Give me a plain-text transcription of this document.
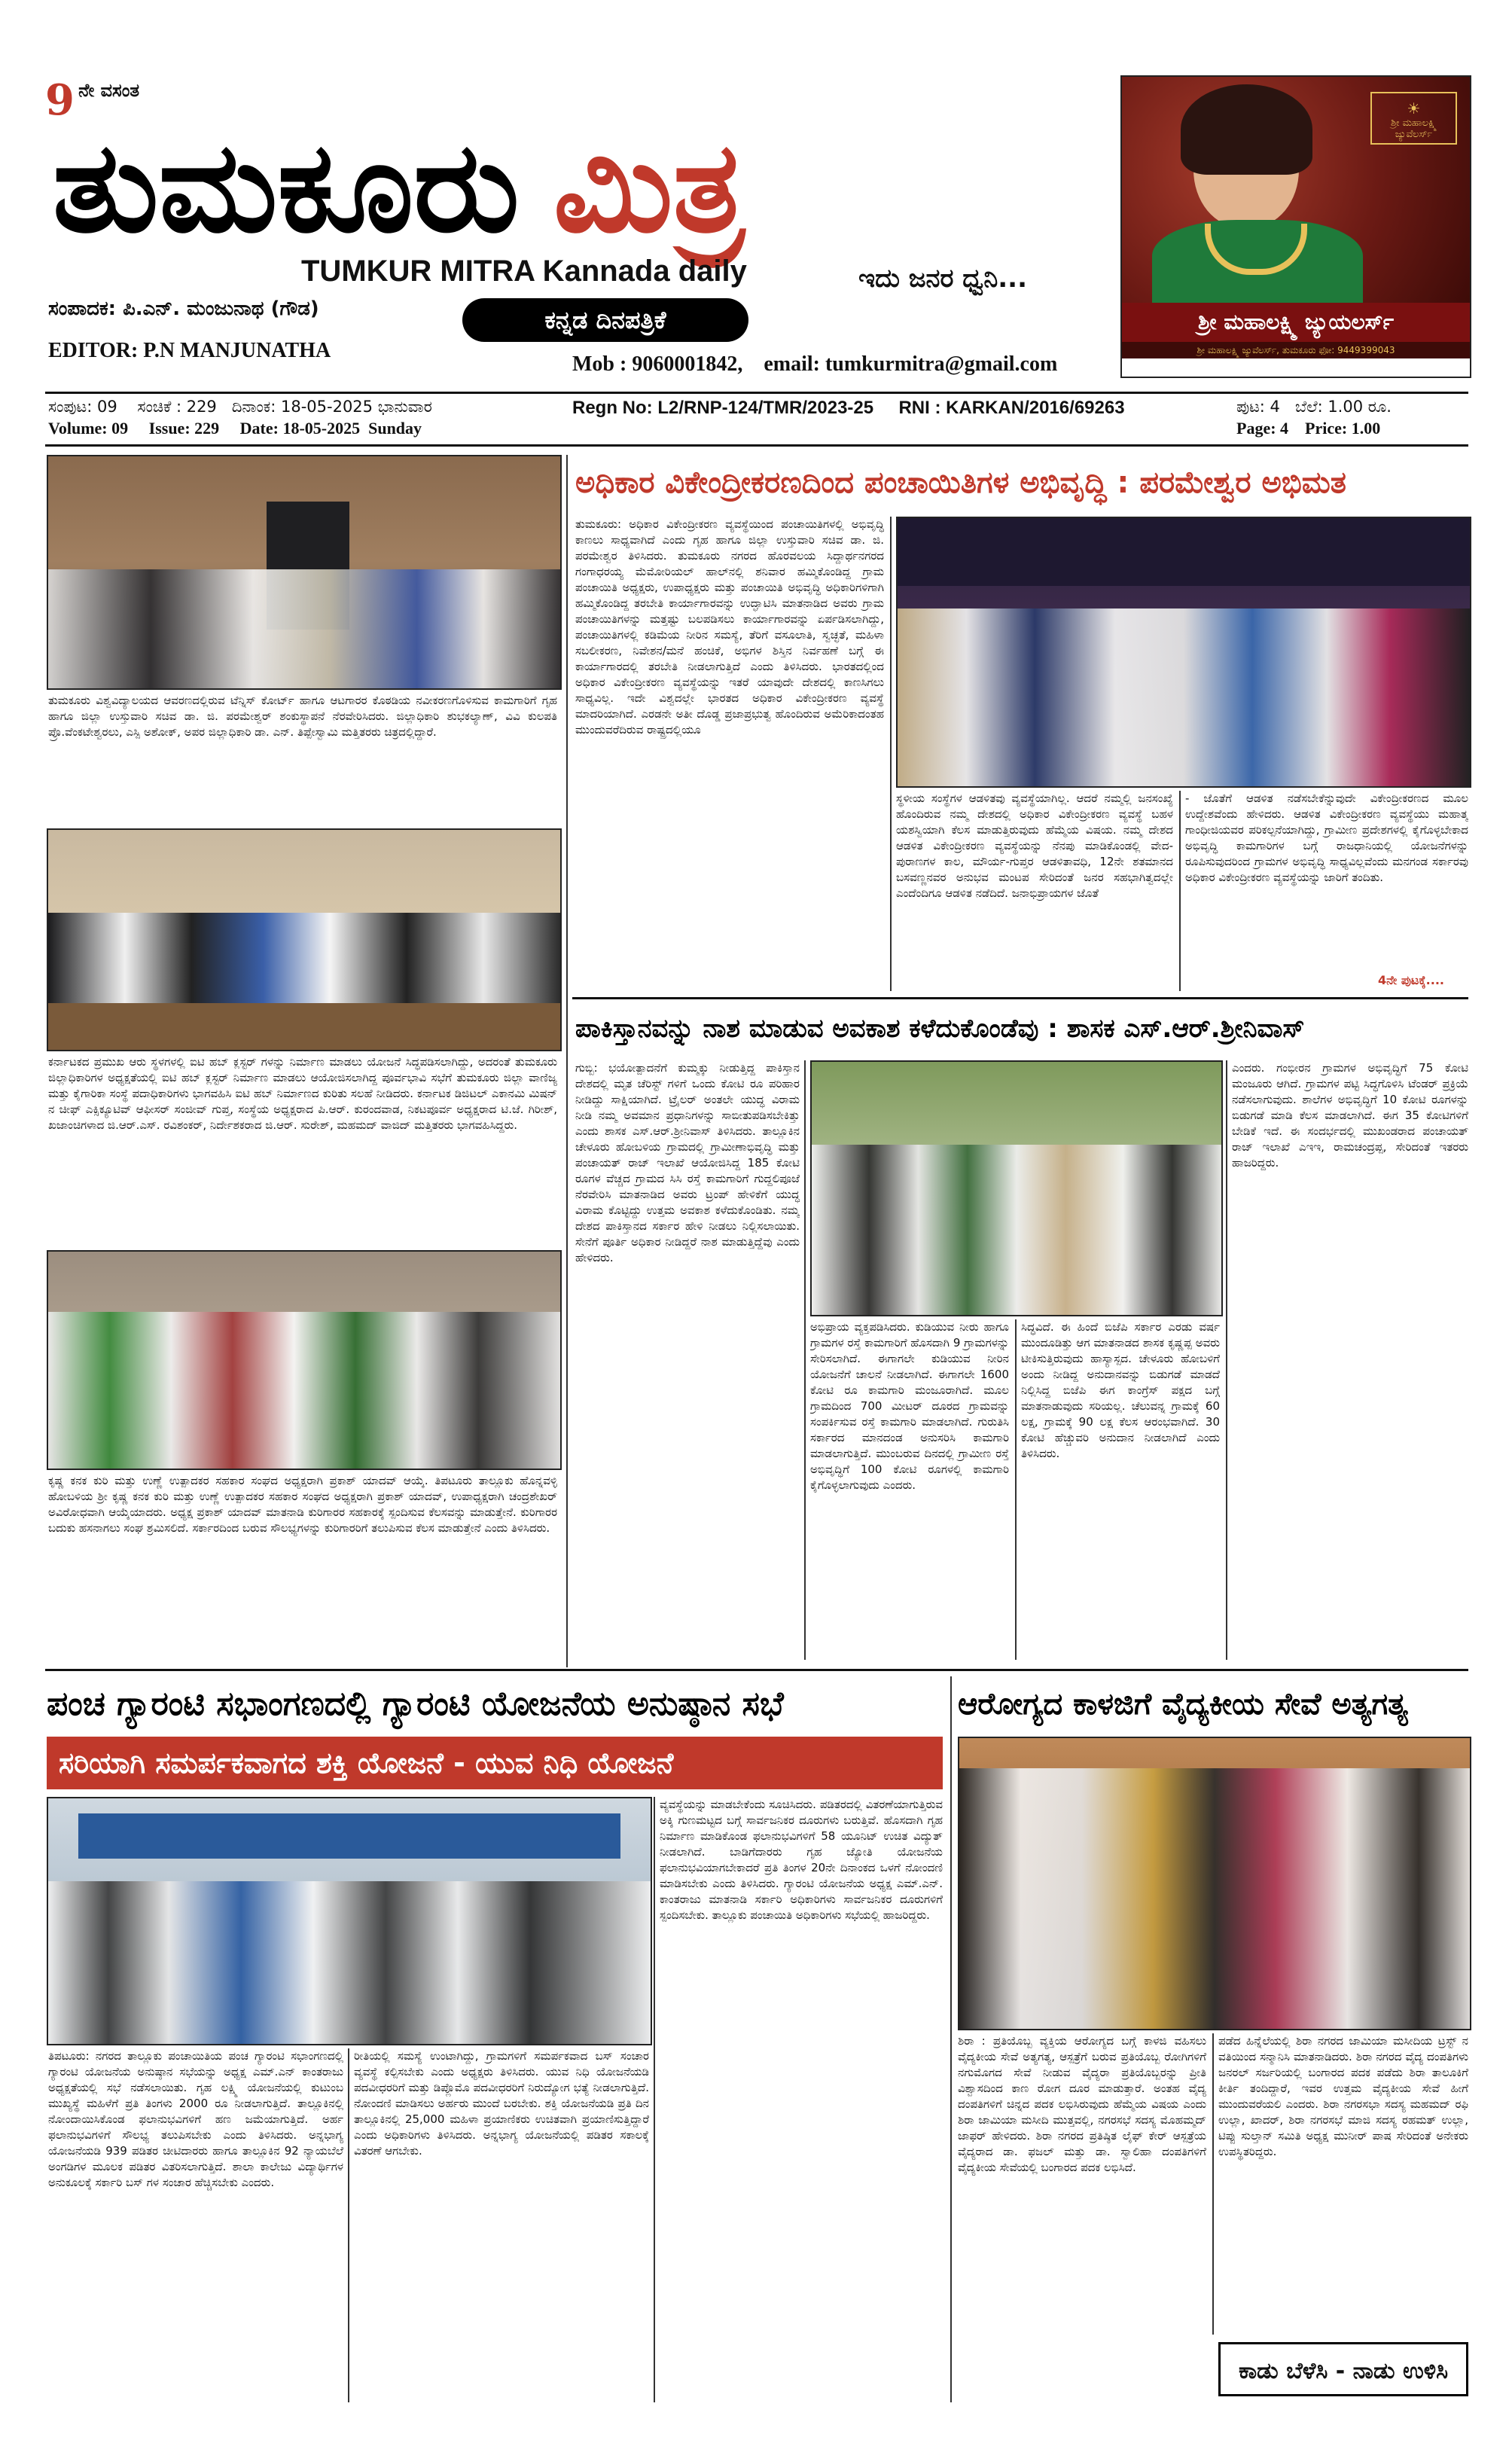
9 ನೇ ವಸಂತ
ತುಮಕೂರು ಮಿತ್ರ
TUMKUR MITRA Kannada daily	ಇದು ಜನರ ಧ್ವನಿ...
ಸಂಪಾದಕ: ಪಿ.ಎನ್. ಮಂಜುನಾಥ (ಗೌಡ)	ಕನ್ನಡ ದಿನಪತ್ರಿಕೆ
EDITOR: P.N MANJUNATHA
Mob : 9060001842,    email: tumkurmitra@gmail.com
☀
ಶ್ರೀ ಮಹಾಲಕ್ಷ್ಮಿ ಜ್ಯುವೆಲರ್ಸ್
ಶ್ರೀ ಮಹಾಲಕ್ಷ್ಮಿ ಜ್ಯುಯಲರ್ಸ್
ಶ್ರೀ ಮಹಾಲಕ್ಷ್ಮಿ ಜ್ಯುವೆಲರ್ಸ್, ತುಮಕೂರು ಫೋ: 9449399043
ಸಂಪುಟ: 09    ಸಂಚಿಕೆ : 229   ದಿನಾಂಕ: 18-05-2025 ಭಾನುವಾರ
Volume: 09     Issue: 229     Date: 18-05-2025  Sunday
Regn No: L2/RNP-124/TMR/2023-25     RNI : KARKAN/2016/69263	ಪುಟ: 4   ಬೆಲೆ: 1.00 ರೂ.
Page: 4    Price: 1.00
ತುಮಕೂರು ವಿಶ್ವವಿದ್ಯಾಲಯದ ಆವರಣದಲ್ಲಿರುವ ಟೆನ್ನಿಸ್ ಕೋರ್ಟ್ ಹಾಗೂ ಆಟಗಾರರ ಕೊಠಡಿಯ ನವೀಕರಣಗೊಳಿಸುವ ಕಾಮಗಾರಿಗೆ ಗೃಹ ಹಾಗೂ ಜಿಲ್ಲಾ ಉಸ್ತುವಾರಿ ಸಚಿವ ಡಾ. ಜಿ. ಪರಮೇಶ್ವರ್ ಶಂಕುಸ್ಥಾಪನೆ ನೆರವೇರಿಸಿದರು. ಜಿಲ್ಲಾಧಿಕಾರಿ ಶುಭಕಲ್ಯಾಣ್, ವಿವಿ ಕುಲಪತಿ ಪ್ರೊ.ವೆಂಕಟೇಶ್ವರಲು, ಎಸ್ಪಿ ಅಶೋಕ್, ಅಪರ ಜಿಲ್ಲಾಧಿಕಾರಿ ಡಾ. ಎನ್. ತಿಪ್ಪೇಸ್ವಾಮಿ ಮತ್ತಿತರರು ಚಿತ್ರದಲ್ಲಿದ್ದಾರೆ.
ಕರ್ನಾಟಕದ ಪ್ರಮುಖ ಆರು ಸ್ಥಳಗಳಲ್ಲಿ ಐಟಿ ಹಬ್ ಕ್ಲಸ್ಟರ್ ಗಳನ್ನು ನಿರ್ಮಾಣ ಮಾಡಲು ಯೋಜನೆ ಸಿದ್ಧಪಡಿಸಲಾಗಿದ್ದು, ಅದರಂತೆ ತುಮಕೂರು ಜಿಲ್ಲಾಧಿಕಾರಿಗಳ ಅಧ್ಯಕ್ಷತೆಯಲ್ಲಿ ಐಟಿ ಹಬ್ ಕ್ಲಸ್ಟರ್ ನಿರ್ಮಾಣ ಮಾಡಲು ಆಯೋಜಿಸಲಾಗಿದ್ದ ಪೂರ್ವಭಾವಿ ಸಭೆಗೆ ತುಮಕೂರು ಜಿಲ್ಲಾ ವಾಣಿಜ್ಯ ಮತ್ತು ಕೈಗಾರಿಕಾ ಸಂಸ್ಥೆ ಪದಾಧಿಕಾರಿಗಳು ಭಾಗವಹಿಸಿ ಐಟಿ ಹಬ್ ನಿರ್ಮಾಣದ ಕುರಿತು ಸಲಹೆ ನೀಡಿದರು. ಕರ್ನಾಟಕ ಡಿಜಿಟಲ್ ಎಕಾನಮಿ ಮಿಷನ್ ನ ಚೀಫ್ ಎಕ್ಸಿಕ್ಯೂಟಿವ್ ಆಫೀಸರ್ ಸಂಜೀವ್ ಗುಪ್ತ, ಸಂಸ್ಥೆಯ ಅಧ್ಯಕ್ಷರಾದ ಪಿ.ಆರ್. ಕುರಂದವಾಡ, ನಿಕಟಪೂರ್ವ ಅಧ್ಯಕ್ಷರಾದ ಟಿ.ಜೆ. ಗಿರೀಶ್, ಖಜಾಂಚಿಗಳಾದ ಜಿ.ಆರ್.ಎಸ್. ರವಿಶಂಕರ್, ನಿರ್ದೇಶಕರಾದ ಜಿ.ಆರ್. ಸುರೇಶ್, ಮಹಮದ್ ವಾಜಿದ್ ಮತ್ತಿತರರು ಭಾಗವಹಿಸಿದ್ದರು.
ಕೃಷ್ಣ ಕನಕ ಕುರಿ ಮತ್ತು ಉಣ್ಣೆ ಉತ್ಪಾದಕರ ಸಹಕಾರ ಸಂಘದ ಅಧ್ಯಕ್ಷರಾಗಿ ಪ್ರಕಾಶ್ ಯಾದವ್ ಆಯ್ಕೆ. ತಿಪಟೂರು ತಾಲ್ಲೂಕು ಹೊನ್ನವಳ್ಳಿ ಹೋಬಳಿಯ ಶ್ರೀ ಕೃಷ್ಣ ಕನಕ ಕುರಿ ಮತ್ತು ಉಣ್ಣೆ ಉತ್ಪಾದಕರ ಸಹಕಾರ ಸಂಘದ ಅಧ್ಯಕ್ಷರಾಗಿ ಪ್ರಕಾಶ್ ಯಾದವ್, ಉಪಾಧ್ಯಕ್ಷರಾಗಿ ಚಂದ್ರಶೇಖರ್ ಅವಿರೋಧವಾಗಿ ಆಯ್ಕೆಯಾದರು. ಅಧ್ಯಕ್ಷ ಪ್ರಕಾಶ್ ಯಾದವ್ ಮಾತನಾಡಿ ಕುರಿಗಾರರ ಸಹಕಾರಕ್ಕೆ ಸ್ಪಂದಿಸುವ ಕೆಲಸವನ್ನು ಮಾಡುತ್ತೇನೆ. ಕುರಿಗಾರರ ಬದುಕು ಹಸನಾಗಲು ಸಂಘ ಶ್ರಮಿಸಲಿದೆ. ಸರ್ಕಾರದಿಂದ ಬರುವ ಸೌಲಭ್ಯಗಳನ್ನು ಕುರಿಗಾರರಿಗೆ ತಲುಪಿಸುವ ಕೆಲಸ ಮಾಡುತ್ತೇನೆ ಎಂದು ತಿಳಿಸಿದರು.
ಅಧಿಕಾರ ವಿಕೇಂದ್ರೀಕರಣದಿಂದ ಪಂಚಾಯಿತಿಗಳ ಅಭಿವೃದ್ಧಿ : ಪರಮೇಶ್ವರ ಅಭಿಮತ
ತುಮಕೂರು: ಅಧಿಕಾರ ವಿಕೇಂದ್ರೀಕರಣ ವ್ಯವಸ್ಥೆಯಿಂದ ಪಂಚಾಯಿತಿಗಳಲ್ಲಿ ಅಭಿವೃದ್ಧಿ ಕಾಣಲು ಸಾಧ್ಯವಾಗಿದೆ ಎಂದು ಗೃಹ ಹಾಗೂ ಜಿಲ್ಲಾ ಉಸ್ತುವಾರಿ ಸಚಿವ ಡಾ. ಜಿ. ಪರಮೇಶ್ವರ ತಿಳಿಸಿದರು. ತುಮಕೂರು ನಗರದ ಹೊರವಲಯ ಸಿದ್ದಾರ್ಥನಗರದ ಗಂಗಾಧರಯ್ಯ ಮೆಮೋರಿಯಲ್ ಹಾಲ್‌ನಲ್ಲಿ ಶನಿವಾರ ಹಮ್ಮಿಕೊಂಡಿದ್ದ ಗ್ರಾಮ ಪಂಚಾಯಿತಿ ಅಧ್ಯಕ್ಷರು, ಉಪಾಧ್ಯಕ್ಷರು ಮತ್ತು ಪಂಚಾಯಿತಿ ಅಭಿವೃದ್ಧಿ ಅಧಿಕಾರಿಗಳಿಗಾಗಿ ಹಮ್ಮಿಕೊಂಡಿದ್ದ ತರಬೇತಿ ಕಾರ್ಯಾಗಾರವನ್ನು ಉದ್ಘಾಟಿಸಿ ಮಾತನಾಡಿದ ಅವರು ಗ್ರಾಮ ಪಂಚಾಯಿತಿಗಳನ್ನು ಮತ್ತಷ್ಟು ಬಲಪಡಿಸಲು ಕಾರ್ಯಾಗಾರವನ್ನು ಏರ್ಪಡಿಸಲಾಗಿದ್ದು, ಪಂಚಾಯಿತಿಗಳಲ್ಲಿ ಕಡಿಮೆಯ ನೀರಿನ ಸಮಸ್ಯೆ, ತೆರಿಗೆ ವಸೂಲಾತಿ, ಸ್ವಚ್ಛತೆ, ಮಹಿಳಾ ಸಬಲೀಕರಣ, ನಿವೇಶನ/ಮನೆ ಹಂಚಿಕೆ, ಅಭಿಗಳ ಶಿಸ್ತಿನ ನಿರ್ವಹಣೆ ಬಗ್ಗೆ ಈ ಕಾರ್ಯಾಗಾರದಲ್ಲಿ ತರಬೇತಿ ನೀಡಲಾಗುತ್ತಿದೆ ಎಂದು ತಿಳಿಸಿದರು. ಭಾರತದಲ್ಲಿಂದ ಅಧಿಕಾರ ವಿಕೇಂದ್ರೀಕರಣ ವ್ಯವಸ್ಥೆಯನ್ನು ಇತರೆ ಯಾವುದೇ ದೇಶದಲ್ಲಿ ಕಾಣಸಿಗಲು ಸಾಧ್ಯವಿಲ್ಲ. ಇದೇ ವಿಶ್ವದಲ್ಲೇ ಭಾರತದ ಅಧಿಕಾರ ವಿಕೇಂದ್ರೀಕರಣ ವ್ಯವಸ್ಥೆ ಮಾದರಿಯಾಗಿದೆ. ಎರಡನೇ ಅತೀ ದೊಡ್ಡ ಪ್ರಜಾಪ್ರಭುತ್ವ ಹೊಂದಿರುವ ಅಮೆರಿಕಾದಂತಹ ಮುಂದುವರೆದಿರುವ ರಾಷ್ಟ್ರದಲ್ಲಿಯೂ
ಸ್ಥಳೀಯ ಸಂಸ್ಥೆಗಳ ಆಡಳಿತವು ವ್ಯವಸ್ಥೆಯಾಗಿಲ್ಲ. ಆದರೆ ನಮ್ಮಲ್ಲಿ ಜನಸಂಖ್ಯೆ ಹೊಂದಿರುವ ನಮ್ಮ ದೇಶದಲ್ಲಿ ಅಧಿಕಾರ ವಿಕೇಂದ್ರೀಕರಣ ವ್ಯವಸ್ಥೆ ಬಹಳ ಯಶಸ್ವಿಯಾಗಿ ಕೆಲಸ ಮಾಡುತ್ತಿರುವುದು ಹೆಮ್ಮೆಯ ವಿಷಯ. ನಮ್ಮ ದೇಶದ ಆಡಳಿತ ವಿಕೇಂದ್ರೀಕರಣ ವ್ಯವಸ್ಥೆಯನ್ನು ನೆನಪು ಮಾಡಿಕೊಂಡಲ್ಲಿ ವೇದ-ಪುರಾಣಗಳ ಕಾಲ, ಮೌರ್ಯ-ಗುಪ್ತರ ಆಡಳಿತಾವಧಿ, 12ನೇ ಶತಮಾನದ ಬಸವಣ್ಣನವರ ಅನುಭವ ಮಂಟಪ ಸೇರಿದಂತೆ ಜನರ ಸಹಭಾಗಿತ್ವದಲ್ಲೇ ಎಂದೆಂದಿಗೂ ಆಡಳಿತ ನಡೆದಿದೆ. ಜನಾಭಿಪ್ರಾಯಗಳ ಜೊತೆ
- ಜೊತೆಗೆ ಆಡಳಿತ ನಡೆಸಬೇಕೆನ್ನುವುದೇ ವಿಕೇಂದ್ರೀಕರಣದ ಮೂಲ ಉದ್ದೇಶವೆಂದು ಹೇಳಿದರು. ಆಡಳಿತ ವಿಕೇಂದ್ರೀಕರಣ ವ್ಯವಸ್ಥೆಯು ಮಹಾತ್ಮ ಗಾಂಧೀಜಿಯವರ ಪರಿಕಲ್ಪನೆಯಾಗಿದ್ದು, ಗ್ರಾಮೀಣ ಪ್ರದೇಶಗಳಲ್ಲಿ ಕೈಗೊಳ್ಳಬೇಕಾದ ಅಭಿವೃದ್ಧಿ ಕಾಮಗಾರಿಗಳ ಬಗ್ಗೆ ರಾಜಧಾನಿಯಲ್ಲಿ ಯೋಜನೆಗಳನ್ನು ರೂಪಿಸುವುದರಿಂದ ಗ್ರಾಮಗಳ ಅಭಿವೃದ್ಧಿ ಸಾಧ್ಯವಿಲ್ಲವೆಂದು ಮನಗಂಡ ಸರ್ಕಾರವು ಅಧಿಕಾರ ವಿಕೇಂದ್ರೀಕರಣ ವ್ಯವಸ್ಥೆಯನ್ನು ಜಾರಿಗೆ ತಂದಿತು.
4ನೇ ಪುಟಕ್ಕೆ....
ಪಾಕಿಸ್ತಾನವನ್ನು ನಾಶ ಮಾಡುವ ಅವಕಾಶ ಕಳೆದುಕೊಂಡೆವು : ಶಾಸಕ ಎಸ್.ಆರ್.ಶ್ರೀನಿವಾಸ್
ಗುಬ್ಬಿ: ಭಯೋತ್ಪಾದನೆಗೆ ಕುಮ್ಮಕ್ಕು ನೀಡುತ್ತಿದ್ದ ಪಾಕಿಸ್ತಾನ ದೇಶದಲ್ಲಿ ಮೃತ ಚೆರಿಸ್ಟ್ ಗಳಿಗೆ ಒಂದು ಕೋಟಿ ರೂ ಪರಿಹಾರ ನೀಡಿದ್ದು ಸಾಕ್ಷಿಯಾಗಿದೆ. ಟ್ರೈಲರ್ ಅಂತಲೇ ಯುದ್ಧ ವಿರಾಮ ನೀಡಿ ನಮ್ಮ ಅವಮಾನ ಪ್ರಧಾನಿಗಳನ್ನು ಸಾಬೀತುಪಡಿಸಬೇಕಿತ್ತು ಎಂದು ಶಾಸಕ ಎಸ್.ಆರ್.ಶ್ರೀನಿವಾಸ್ ತಿಳಿಸಿದರು. ತಾಲ್ಲೂಕಿನ ಚೇಳೂರು ಹೋಬಳಿಯ ಗ್ರಾಮದಲ್ಲಿ ಗ್ರಾಮೀಣಾಭಿವೃದ್ಧಿ ಮತ್ತು ಪಂಚಾಯತ್ ರಾಜ್ ಇಲಾಖೆ ಆಯೋಜಿಸಿದ್ದ 185 ಕೋಟಿ ರೂಗಳ ವೆಚ್ಚದ ಗ್ರಾಮದ ಸಿಸಿ ರಸ್ತೆ ಕಾಮಗಾರಿಗೆ ಗುದ್ದಲಿಪೂಜೆ ನೆರವೇರಿಸಿ ಮಾತನಾಡಿದ ಅವರು ಟ್ರಂಪ್ ಹೇಳಿಕೆಗೆ ಯುದ್ಧ ವಿರಾಮ ಕೊಟ್ಟಿದ್ದು ಉತ್ತಮ ಅವಕಾಶ ಕಳೆದುಕೊಂಡಿತು. ನಮ್ಮ ದೇಶದ ಪಾಕಿಸ್ತಾನದ ಸರ್ಕಾರ ಹೇಳಿ ನೀಡಲು ನಿಲ್ಲಿಸಲಾಯಿತು. ಸೇನೆಗೆ ಪೂರ್ತಿ ಅಧಿಕಾರ ನೀಡಿದ್ದರೆ ನಾಶ ಮಾಡುತ್ತಿದ್ದೆವು ಎಂದು ಹೇಳಿದರು.
ಅಭಿಪ್ರಾಯ ವ್ಯಕ್ತಪಡಿಸಿದರು. ಕುಡಿಯುವ ನೀರು ಹಾಗೂ ಗ್ರಾಮಗಳ ರಸ್ತೆ ಕಾಮಗಾರಿಗೆ ಹೊಸದಾಗಿ 9 ಗ್ರಾಮಗಳನ್ನು ಸೇರಿಸಲಾಗಿದೆ. ಈಗಾಗಲೇ ಕುಡಿಯುವ ನೀರಿನ ಯೋಜನೆಗೆ ಚಾಲನೆ ನೀಡಲಾಗಿದೆ. ಈಗಾಗಲೇ 1600 ಕೋಟಿ ರೂ ಕಾಮಗಾರಿ ಮಂಜೂರಾಗಿದೆ. ಮೂಲ ಗ್ರಾಮದಿಂದ 700 ಮೀಟರ್ ದೂರದ ಗ್ರಾಮವನ್ನು ಸಂಪರ್ಕಿಸುವ ರಸ್ತೆ ಕಾಮಗಾರಿ ಮಾಡಲಾಗಿದೆ. ಗುರುತಿಸಿ ಸರ್ಕಾರದ ಮಾನದಂಡ ಅನುಸರಿಸಿ ಕಾಮಗಾರಿ ಮಾಡಲಾಗುತ್ತಿದೆ. ಮುಂಬರುವ ದಿನದಲ್ಲಿ ಗ್ರಾಮೀಣ ರಸ್ತೆ ಅಭಿವೃದ್ಧಿಗೆ 100 ಕೋಟಿ ರೂಗಳಲ್ಲಿ ಕಾಮಗಾರಿ ಕೈಗೊಳ್ಳಲಾಗುವುದು ಎಂದರು.
ಸಿದ್ಧವಿದೆ. ಈ ಹಿಂದೆ ಬಿಜೆಪಿ ಸರ್ಕಾರ ಎರಡು ವರ್ಷ ಮುಂದೂಡಿತ್ತು ಆಗ ಮಾತನಾಡದ ಶಾಸಕ ಕೃಷ್ಣಪ್ಪ ಅವರು ಟೀಕಿಸುತ್ತಿರುವುದು ಹಾಸ್ಯಾಸ್ಪದ. ಚೇಳೂರು ಹೋಬಳಿಗೆ ಅಂದು ನೀಡಿದ್ದ ಅನುದಾನವನ್ನು ಬಿಡುಗಡೆ ಮಾಡದೆ ನಿಲ್ಲಿಸಿದ್ದ ಬಿಜೆಪಿ ಈಗ ಕಾಂಗ್ರೆಸ್ ಪಕ್ಷದ ಬಗ್ಗೆ ಮಾತನಾಡುವುದು ಸರಿಯಲ್ಲ. ಚೆಲುವನ್ನ ಗ್ರಾಮಕ್ಕೆ 60 ಲಕ್ಷ, ಗ್ರಾಮಕ್ಕೆ 90 ಲಕ್ಷ ಕೆಲಸ ಆರಂಭವಾಗಿದೆ. 30 ಕೋಟಿ ಹೆಚ್ಚುವರಿ ಅನುದಾನ ನೀಡಲಾಗಿದೆ ಎಂದು ತಿಳಿಸಿದರು.
ಎಂದರು. ಗಂಭೀರನ ಗ್ರಾಮಗಳ ಅಭಿವೃದ್ಧಿಗೆ 75 ಕೋಟಿ ಮಂಜೂರು ಆಗಿದೆ. ಗ್ರಾಮಗಳ ಪಟ್ಟಿ ಸಿದ್ಧಗೊಳಿಸಿ ಟೆಂಡರ್ ಪ್ರಕ್ರಿಯೆ ನಡೆಸಲಾಗುವುದು. ಶಾಲೆಗಳ ಅಭಿವೃದ್ಧಿಗೆ 10 ಕೋಟಿ ರೂಗಳನ್ನು ಬಿಡುಗಡೆ ಮಾಡಿ ಕೆಲಸ ಮಾಡಲಾಗಿದೆ. ಈಗ 35 ಕೋಟಿಗಳಿಗೆ ಬೇಡಿಕೆ ಇದೆ. ಈ ಸಂದರ್ಭದಲ್ಲಿ ಮುಖಂಡರಾದ ಪಂಚಾಯತ್ ರಾಜ್ ಇಲಾಖೆ ಎಇಇ, ರಾಮಚಂದ್ರಪ್ಪ, ಸೇರಿದಂತೆ ಇತರರು ಹಾಜರಿದ್ದರು.
ಪಂಚ ಗ್ಯಾರಂಟಿ ಸಭಾಂಗಣದಲ್ಲಿ ಗ್ಯಾರಂಟಿ ಯೋಜನೆಯ ಅನುಷ್ಠಾನ ಸಭೆ
ಸರಿಯಾಗಿ ಸಮರ್ಪಕವಾಗದ ಶಕ್ತಿ ಯೋಜನೆ - ಯುವ ನಿಧಿ ಯೋಜನೆ
ತಿಪಟೂರು: ನಗರದ ತಾಲ್ಲೂಕು ಪಂಚಾಯಿತಿಯ ಪಂಚ ಗ್ಯಾರಂಟಿ ಸಭಾಂಗಣದಲ್ಲಿ ಗ್ಯಾರಂಟಿ ಯೋಜನೆಯ ಅನುಷ್ಠಾನ ಸಭೆಯನ್ನು ಅಧ್ಯಕ್ಷ ಎಮ್.ಎನ್ ಕಾಂತರಾಜು ಅಧ್ಯಕ್ಷತೆಯಲ್ಲಿ ಸಭೆ ನಡೆಸಲಾಯಿತು. ಗೃಹ ಲಕ್ಷ್ಮಿ ಯೋಜನೆಯಲ್ಲಿ ಕುಟುಂಬ ಮುಖ್ಯಸ್ಥೆ ಮಹಿಳೆಗೆ ಪ್ರತಿ ತಿಂಗಳು 2000 ರೂ ನೀಡಲಾಗುತ್ತಿದೆ. ತಾಲ್ಲೂಕಿನಲ್ಲಿ ನೋಂದಾಯಿಸಿಕೊಂಡ ಫಲಾನುಭವಿಗಳಿಗೆ ಹಣ ಜಮೆಯಾಗುತ್ತಿದೆ. ಅರ್ಹ ಫಲಾನುಭವಿಗಳಿಗೆ ಸೌಲಭ್ಯ ತಲುಪಿಸಬೇಕು ಎಂದು ತಿಳಿಸಿದರು. ಅನ್ನಭಾಗ್ಯ ಯೋಜನೆಯಡಿ 939 ಪಡಿತರ ಚೀಟಿದಾರರು ಹಾಗೂ ತಾಲ್ಲೂಕಿನ 92 ನ್ಯಾಯಬೆಲೆ ಅಂಗಡಿಗಳ ಮೂಲಕ ಪಡಿತರ ವಿತರಿಸಲಾಗುತ್ತಿದೆ. ಶಾಲಾ ಕಾಲೇಜು ವಿದ್ಯಾರ್ಥಿಗಳ ಅನುಕೂಲಕ್ಕೆ ಸರ್ಕಾರಿ ಬಸ್ ಗಳ ಸಂಚಾರ ಹೆಚ್ಚಿಸಬೇಕು ಎಂದರು.
ರೀತಿಯಲ್ಲಿ ಸಮಸ್ಯೆ ಉಂಟಾಗಿದ್ದು, ಗ್ರಾಮಗಳಿಗೆ ಸಮರ್ಪಕವಾದ ಬಸ್ ಸಂಚಾರ ವ್ಯವಸ್ಥೆ ಕಲ್ಪಿಸಬೇಕು ಎಂದು ಅಧ್ಯಕ್ಷರು ತಿಳಿಸಿದರು. ಯುವ ನಿಧಿ ಯೋಜನೆಯಡಿ ಪದವೀಧರರಿಗೆ ಮತ್ತು ಡಿಪ್ಲೊಮೊ ಪದವೀಧರರಿಗೆ ನಿರುದ್ಯೋಗ ಭತ್ಯೆ ನೀಡಲಾಗುತ್ತಿದೆ. ನೋಂದಣಿ ಮಾಡಿಸಲು ಅರ್ಹರು ಮುಂದೆ ಬರಬೇಕು. ಶಕ್ತಿ ಯೋಜನೆಯಡಿ ಪ್ರತಿ ದಿನ ತಾಲ್ಲೂಕಿನಲ್ಲಿ 25,000 ಮಹಿಳಾ ಪ್ರಯಾಣಿಕರು ಉಚಿತವಾಗಿ ಪ್ರಯಾಣಿಸುತ್ತಿದ್ದಾರೆ ಎಂದು ಅಧಿಕಾರಿಗಳು ತಿಳಿಸಿದರು. ಅನ್ನಭಾಗ್ಯ ಯೋಜನೆಯಲ್ಲಿ ಪಡಿತರ ಸಕಾಲಕ್ಕೆ ವಿತರಣೆ ಆಗಬೇಕು.
ವ್ಯವಸ್ಥೆಯನ್ನು ಮಾಡಬೇಕೆಂದು ಸೂಚಿಸಿದರು. ಪಡಿತರದಲ್ಲಿ ವಿತರಣೆಯಾಗುತ್ತಿರುವ ಅಕ್ಕಿ ಗುಣಮಟ್ಟದ ಬಗ್ಗೆ ಸಾರ್ವಜನಿಕರ ದೂರುಗಳು ಬರುತ್ತಿವೆ. ಹೊಸದಾಗಿ ಗೃಹ ನಿರ್ಮಾಣ ಮಾಡಿಕೊಂಡ ಫಲಾನುಭವಿಗಳಿಗೆ 58 ಯೂನಿಟ್ ಉಚಿತ ವಿದ್ಯುತ್ ನೀಡಲಾಗಿದೆ. ಬಾಡಿಗೆದಾರರು ಗೃಹ ಜ್ಯೋತಿ ಯೋಜನೆಯ ಫಲಾನುಭವಿಯಾಗಬೇಕಾದರೆ ಪ್ರತಿ ತಿಂಗಳ 20ನೇ ದಿನಾಂಕದ ಒಳಗೆ ನೋಂದಣಿ ಮಾಡಿಸಬೇಕು ಎಂದು ತಿಳಿಸಿದರು. ಗ್ಯಾರಂಟಿ ಯೋಜನೆಯ ಅಧ್ಯಕ್ಷ ಎಮ್.ಎನ್. ಕಾಂತರಾಜು ಮಾತನಾಡಿ ಸರ್ಕಾರಿ ಅಧಿಕಾರಿಗಳು ಸಾರ್ವಜನಿಕರ ದೂರುಗಳಿಗೆ ಸ್ಪಂದಿಸಬೇಕು. ತಾಲ್ಲೂಕು ಪಂಚಾಯಿತಿ ಅಧಿಕಾರಿಗಳು ಸಭೆಯಲ್ಲಿ ಹಾಜರಿದ್ದರು.
ಆರೋಗ್ಯದ ಕಾಳಜಿಗೆ ವೈದ್ಯಕೀಯ ಸೇವೆ ಅತ್ಯಗತ್ಯ
ಶಿರಾ : ಪ್ರತಿಯೊಬ್ಬ ವ್ಯಕ್ತಿಯ ಆರೋಗ್ಯದ ಬಗ್ಗೆ ಕಾಳಜಿ ವಹಿಸಲು ವೈದ್ಯಕೀಯ ಸೇವೆ ಅತ್ಯಗತ್ಯ, ಆಸ್ಪತ್ರೆಗೆ ಬರುವ ಪ್ರತಿಯೊಬ್ಬ ರೋಗಿಗಳಿಗೆ ನಗುಮೊಗದ ಸೇವೆ ನೀಡುವ ವೈದ್ಯರಾ ಪ್ರತಿಯೊಬ್ಬರನ್ನು ಪ್ರೀತಿ ವಿಶ್ವಾಸದಿಂದ ಕಾಣ ರೋಗ ದೂರ ಮಾಡುತ್ತಾರೆ. ಅಂತಹ ವೈದ್ಯ ದಂಪತಿಗಳಿಗೆ ಚಿನ್ನದ ಪದಕ ಲಭಿಸಿರುವುದು ಹೆಮ್ಮೆಯ ವಿಷಯ ಎಂದು ಶಿರಾ ಜಾಮಿಯಾ ಮಸೀದಿ ಮುತ್ತವಲ್ಲಿ, ನಗರಸಭೆ ಸದಸ್ಯ ಮೊಹಮ್ಮದ್ ಜಾಫರ್ ಹೇಳಿದರು. ಶಿರಾ ನಗರದ ಪ್ರತಿಷ್ಠಿತ ಲೈಫ್ ಕೇರ್ ಆಸ್ಪತ್ರೆಯ ವೈದ್ಯರಾದ ಡಾ. ಫಜಲ್ ಮತ್ತು ಡಾ. ಸ್ವಾಲಿಹಾ ದಂಪತಿಗಳಿಗೆ ವೈದ್ಯಕೀಯ ಸೇವೆಯಲ್ಲಿ ಬಂಗಾರದ ಪದಕ ಲಭಿಸಿದೆ.
ಪಡೆದ ಹಿನ್ನೆಲೆಯಲ್ಲಿ ಶಿರಾ ನಗರದ ಜಾಮಿಯಾ ಮಸೀದಿಯ ಟ್ರಸ್ಟ್ ನ ವತಿಯಿಂದ ಸನ್ಮಾನಿಸಿ ಮಾತನಾಡಿದರು. ಶಿರಾ ನಗರದ ವೈದ್ಯ ದಂಪತಿಗಳು ಜನರಲ್ ಸರ್ಜರಿಯಲ್ಲಿ ಬಂಗಾರದ ಪದಕ ಪಡೆದು ಶಿರಾ ತಾಲೂಕಿಗೆ ಕೀರ್ತಿ ತಂದಿದ್ದಾರೆ, ಇವರ ಉತ್ತಮ ವೈದ್ಯಕೀಯ ಸೇವೆ ಹೀಗೆ ಮುಂದುವರೆಯಲಿ ಎಂದರು. ಶಿರಾ ನಗರಸಭಾ ಸದಸ್ಯ ಮಹಮದ್ ರಫಿ ಉಲ್ಲಾ, ಖಾದರ್, ಶಿರಾ ನಗರಸಭೆ ಮಾಜಿ ಸದಸ್ಯ ರಹಮತ್ ಉಲ್ಲಾ, ಟಿಪ್ಪು ಸುಲ್ತಾನ್ ಸಮಿತಿ ಅಧ್ಯಕ್ಷ ಮುನೀರ್ ಪಾಷ ಸೇರಿದಂತೆ ಅನೇಕರು ಉಪಸ್ಥಿತರಿದ್ದರು.
ಕಾಡು ಬೆಳೆಸಿ - ನಾಡು ಉಳಿಸಿ
